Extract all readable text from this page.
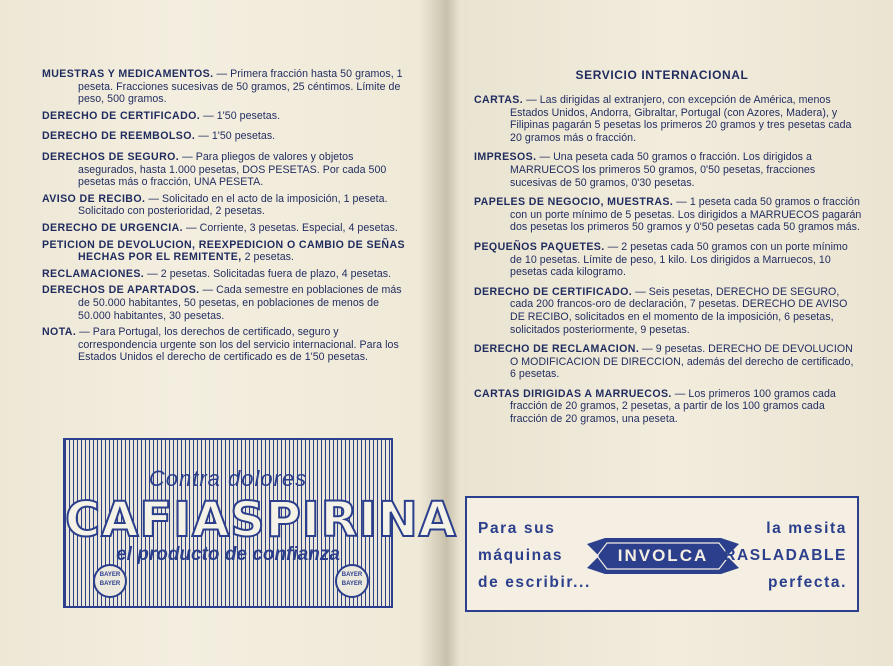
MUESTRAS Y MEDICAMENTOS. — Primera fracción hasta 50 gramos, 1 peseta. Fracciones sucesivas de 50 gramos, 25 céntimos. Límite de peso, 500 gramos.

DERECHO DE CERTIFICADO. — 1'50 pesetas.

DERECHO DE REEMBOLSO. — 1'50 pesetas.

DERECHOS DE SEGURO. — Para pliegos de valores y objetos asegurados, hasta 1.000 pesetas, DOS PESETAS. Por cada 500 pesetas más o fracción, UNA PESETA.

AVISO DE RECIBO. — Solicitado en el acto de la imposición, 1 peseta. Solicitado con posterioridad, 2 pesetas.

DERECHO DE URGENCIA. — Corriente, 3 pesetas. Especial, 4 pesetas.

PETICION DE DEVOLUCION, REEXPEDICION O CAMBIO DE SEÑAS HECHAS POR EL REMITENTE, 2 pesetas.

RECLAMACIONES. — 2 pesetas. Solicitadas fuera de plazo, 4 pesetas.

DERECHOS DE APARTADOS. — Cada semestre en poblaciones de más de 50.000 habitantes, 50 pesetas, en poblaciones de menos de 50.000 habitantes, 30 pesetas.

NOTA. — Para Portugal, los derechos de certificado, seguro y correspondencia urgente son los del servicio internacional. Para los Estados Unidos el derecho de certificado es de 1'50 pesetas.

Contra dolores
CAFIASPIRINA
el producto de confianza
BAYER
BAYER
BAYER
BAYER
SERVICIO INTERNACIONAL

CARTAS. — Las dirigidas al extranjero, con excepción de América, menos Estados Unidos, Andorra, Gibraltar, Portugal (con Azores, Madera), y Filipinas pagarán 5 pesetas los primeros 20 gramos y tres pesetas cada 20 gramos más o fracción.

IMPRESOS. — Una peseta cada 50 gramos o fracción. Los dirigidos a MARRUECOS los primeros 50 gramos, 0'50 pesetas, fracciones sucesivas de 50 gramos, 0'30 pesetas.

PAPELES DE NEGOCIO, MUESTRAS. — 1 peseta cada 50 gramos o fracción con un porte mínimo de 5 pesetas. Los dirigidos a MARRUECOS pagarán dos pesetas los primeros 50 gramos y 0'50 pesetas cada 50 gramos más.

PEQUEÑOS PAQUETES. — 2 pesetas cada 50 gramos con un porte mínimo de 10 pesetas. Límite de peso, 1 kilo. Los dirigidos a Marruecos, 10 pesetas cada kilogramo.

DERECHO DE CERTIFICADO. — Seis pesetas, DERECHO DE SEGURO, cada 200 francos-oro de declaración, 7 pesetas. DERECHO DE AVISO DE RECIBO, solicitados en el momento de la imposición, 6 pesetas, solicitados posteriormente, 9 pesetas.

DERECHO DE RECLAMACION. — 9 pesetas. DERECHO DE DEVOLUCION O MODIFICACION DE DIRECCION, además del derecho de certificado, 6 pesetas.

CARTAS DIRIGIDAS A MARRUECOS. — Los primeros 100 gramos cada fracción de 20 gramos, 2 pesetas, a partir de los 100 gramos cada fracción de 20 gramos, una peseta.

Para sus
máquinas
de escribir...
INVOLCA
la mesita
TRASLADABLE
perfecta.
